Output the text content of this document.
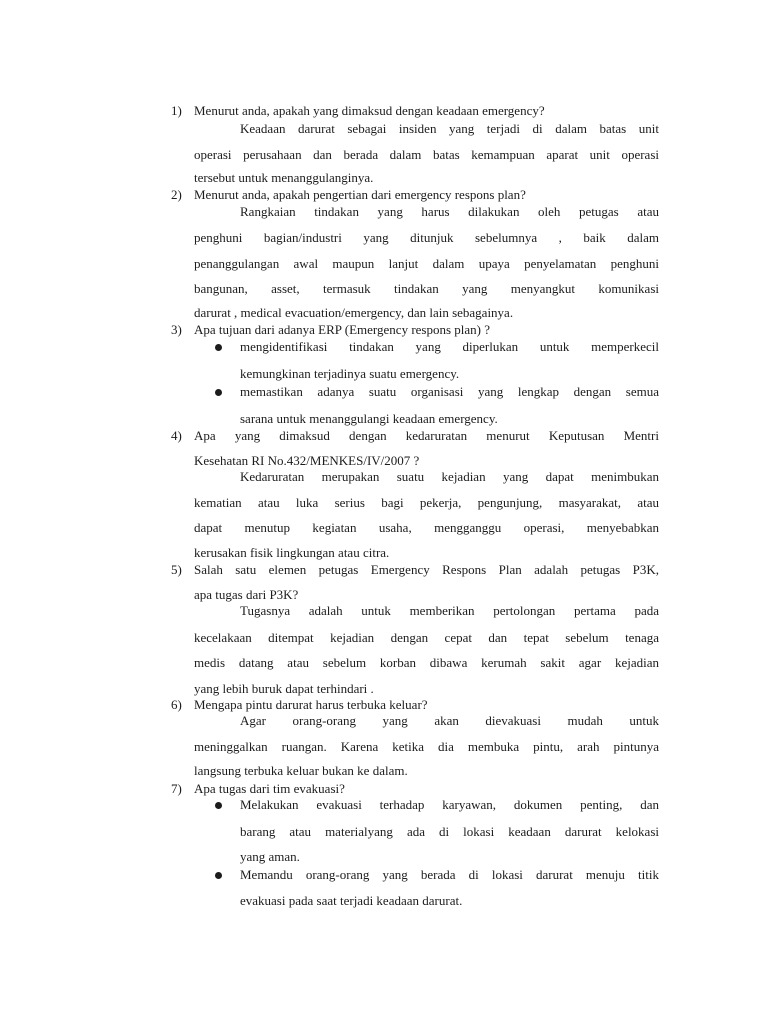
1) Menurut anda, apakah yang dimaksud dengan keadaan emergency?
Keadaan darurat sebagai insiden yang terjadi di dalam batas unit
operasi perusahaan dan berada dalam batas kemampuan aparat unit operasi
tersebut untuk menanggulanginya.
2) Menurut anda, apakah pengertian dari emergency respons plan?
Rangkaian tindakan yang harus dilakukan oleh petugas atau
penghuni bagian/industri yang ditunjuk sebelumnya , baik dalam
penanggulangan awal maupun lanjut dalam upaya penyelamatan penghuni
bangunan, asset, termasuk tindakan yang menyangkut komunikasi
darurat , medical evacuation/emergency, dan lain sebagainya.
3) Apa tujuan dari adanya ERP (Emergency respons plan) ?
mengidentifikasi tindakan yang diperlukan untuk memperkecil
kemungkinan terjadinya suatu emergency.
memastikan adanya suatu organisasi yang lengkap dengan semua
sarana untuk menanggulangi keadaan emergency.
4) Apa yang dimaksud dengan kedaruratan menurut Keputusan Mentri
Kesehatan RI No.432/MENKES/IV/2007 ?
Kedaruratan merupakan suatu kejadian yang dapat menimbukan
kematian atau luka serius bagi pekerja, pengunjung, masyarakat, atau
dapat menutup kegiatan usaha, mengganggu operasi, menyebabkan
kerusakan fisik lingkungan atau citra.
5) Salah satu elemen petugas Emergency Respons Plan adalah petugas P3K,
apa tugas dari P3K?
Tugasnya adalah untuk memberikan pertolongan pertama pada
kecelakaan ditempat kejadian dengan cepat dan tepat sebelum tenaga
medis datang atau sebelum korban dibawa kerumah sakit agar kejadian
yang lebih buruk dapat terhindari .
6) Mengapa pintu darurat harus terbuka keluar?
Agar orang-orang yang akan dievakuasi mudah untuk
meninggalkan ruangan. Karena ketika dia membuka pintu, arah pintunya
langsung terbuka keluar bukan ke dalam.
7) Apa tugas dari tim evakuasi?
Melakukan evakuasi terhadap karyawan, dokumen penting, dan
barang atau materialyang ada di lokasi keadaan darurat kelokasi
yang aman.
Memandu orang-orang yang berada di lokasi darurat menuju titik
evakuasi pada saat terjadi keadaan darurat.
